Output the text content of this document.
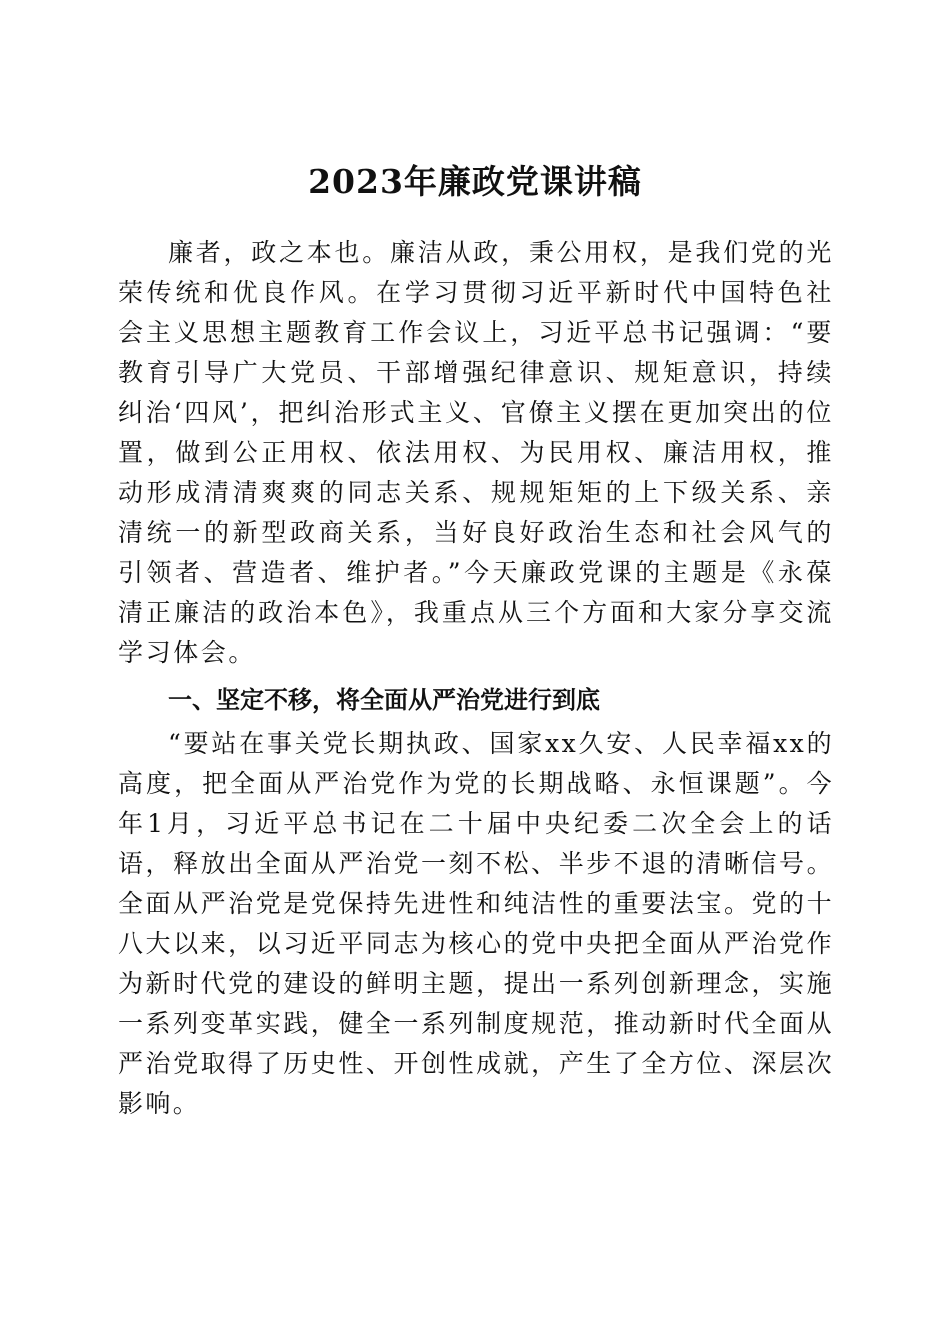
2023年廉政党课讲稿

廉者，政之本也。廉洁从政，秉公用权，是我们党的光荣传统和优良作风。在学习贯彻习近平新时代中国特色社会主义思想主题教育工作会议上，习近平总书记强调：“要教育引导广大党员、干部增强纪律意识、规矩意识，持续纠治‘四风’，把纠治形式主义、官僚主义摆在更加突出的位置，做到公正用权、依法用权、为民用权、廉洁用权，推动形成清清爽爽的同志关系、规规矩矩的上下级关系、亲清统一的新型政商关系，当好良好政治生态和社会风气的引领者、营造者、维护者。”今天廉政党课的主题是《永葆清正廉洁的政治本色》，我重点从三个方面和大家分享交流学习体会。

一、坚定不移，将全面从严治党进行到底

“要站在事关党长期执政、国家xx久安、人民幸福xx的高度，把全面从严治党作为党的长期战略、永恒课题”。今年1月，习近平总书记在二十届中央纪委二次全会上的话语，释放出全面从严治党一刻不松、半步不退的清晰信号。全面从严治党是党保持先进性和纯洁性的重要法宝。党的十八大以来，以习近平同志为核心的党中央把全面从严治党作为新时代党的建设的鲜明主题，提出一系列创新理念，实施一系列变革实践，健全一系列制度规范，推动新时代全面从严治党取得了历史性、开创性成就，产生了全方位、深层次影响。
